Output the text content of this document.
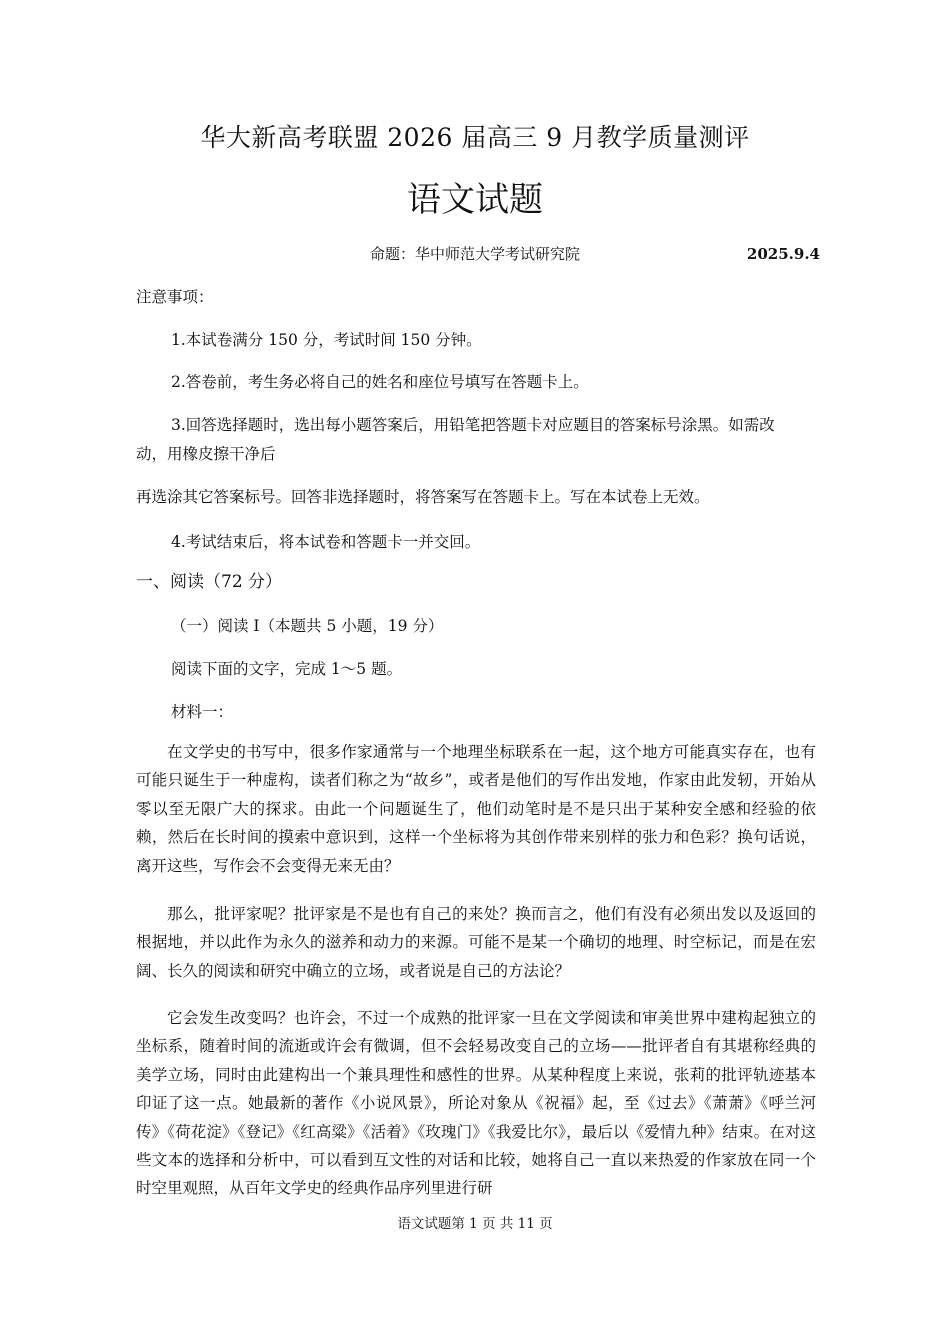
华大新高考联盟 2026 届高三 9 月教学质量测评
语文试题
命题：华中师范大学考试研究院	2025.9.4
注意事项：
1.本试卷满分 150 分，考试时间 150 分钟。
2.答卷前，考生务必将自己的姓名和座位号填写在答题卡上。
3.回答选择题时，选出每小题答案后，用铅笔把答题卡对应题目的答案标号涂黑。如需改
动，用橡皮擦干净后
再选涂其它答案标号。回答非选择题时，将答案写在答题卡上。写在本试卷上无效。
4.考试结束后，将本试卷和答题卡一并交回。
一、阅读（72 分）
（一）阅读 I（本题共 5 小题，19 分）
阅读下面的文字，完成 1～5 题。
材料一：
在文学史的书写中，很多作家通常与一个地理坐标联系在一起，这个地方可能真实存在，也有可能只诞生于一种虚构，读者们称之为“故乡”，或者是他们的写作出发地，作家由此发轫，开始从零以至无限广大的探求。由此一个问题诞生了，他们动笔时是不是只出于某种安全感和经验的依赖，然后在长时间的摸索中意识到，这样一个坐标将为其创作带来别样的张力和色彩？换句话说，离开这些，写作会不会变得无来无由？
那么，批评家呢？批评家是不是也有自己的来处？换而言之，他们有没有必须出发以及返回的根据地，并以此作为永久的滋养和动力的来源。可能不是某一个确切的地理、时空标记，而是在宏阔、长久的阅读和研究中确立的立场，或者说是自己的方法论？
它会发生改变吗？也许会，不过一个成熟的批评家一旦在文学阅读和审美世界中建构起独立的坐标系，随着时间的流逝或许会有微调，但不会轻易改变自己的立场——批评者自有其堪称经典的美学立场，同时由此建构出一个兼具理性和感性的世界。从某种程度上来说，张莉的批评轨迹基本印证了这一点。她最新的著作《小说风景》，所论对象从《祝福》起，至《过去》《萧萧》《呼兰河传》《荷花淀》《登记》《红高粱》《活着》《玫瑰门》《我爱比尔》，最后以《爱情九种》结束。在对这些文本的选择和分析中，可以看到互文性的对话和比较，她将自己一直以来热爱的作家放在同一个时空里观照，从百年文学史的经典作品序列里进行研
语文试题第 1 页 共 11 页
